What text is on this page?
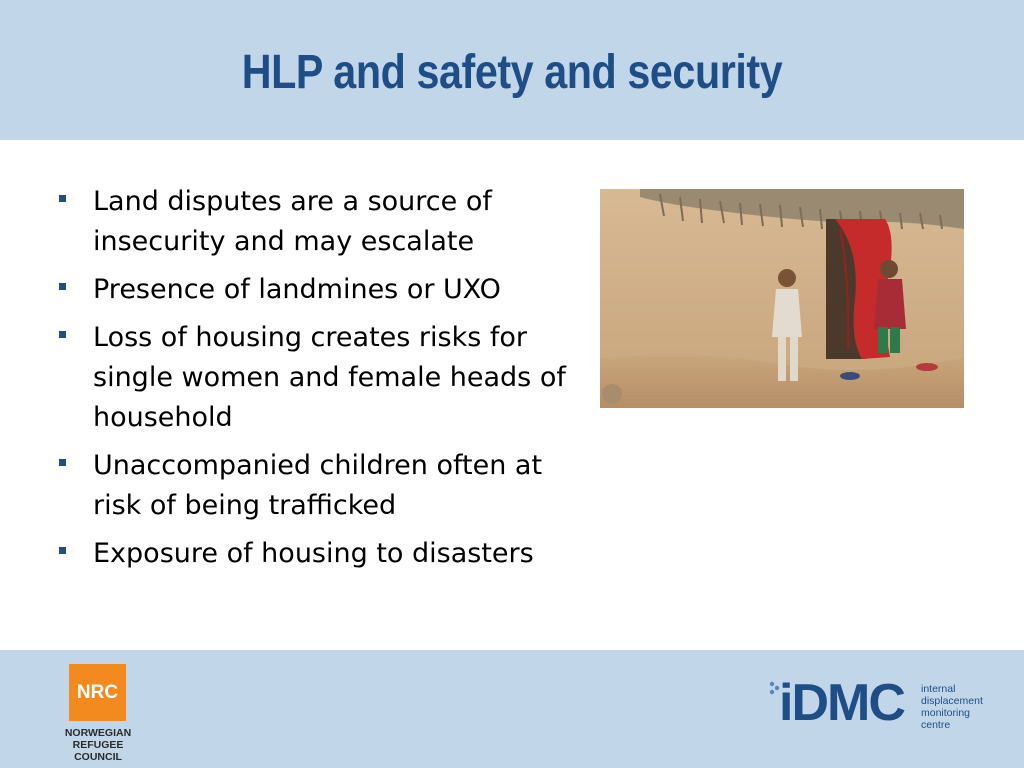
HLP and safety and security
Land disputes are a source of insecurity and may escalate
Presence of landmines or UXO
Loss of housing creates risks for single women and female heads of household
Unaccompanied children often at risk of being trafficked
Exposure of housing to disasters
NRC
NORWEGIAN
REFUGEE COUNCIL
iDMC internal
displacement
monitoring
centre
